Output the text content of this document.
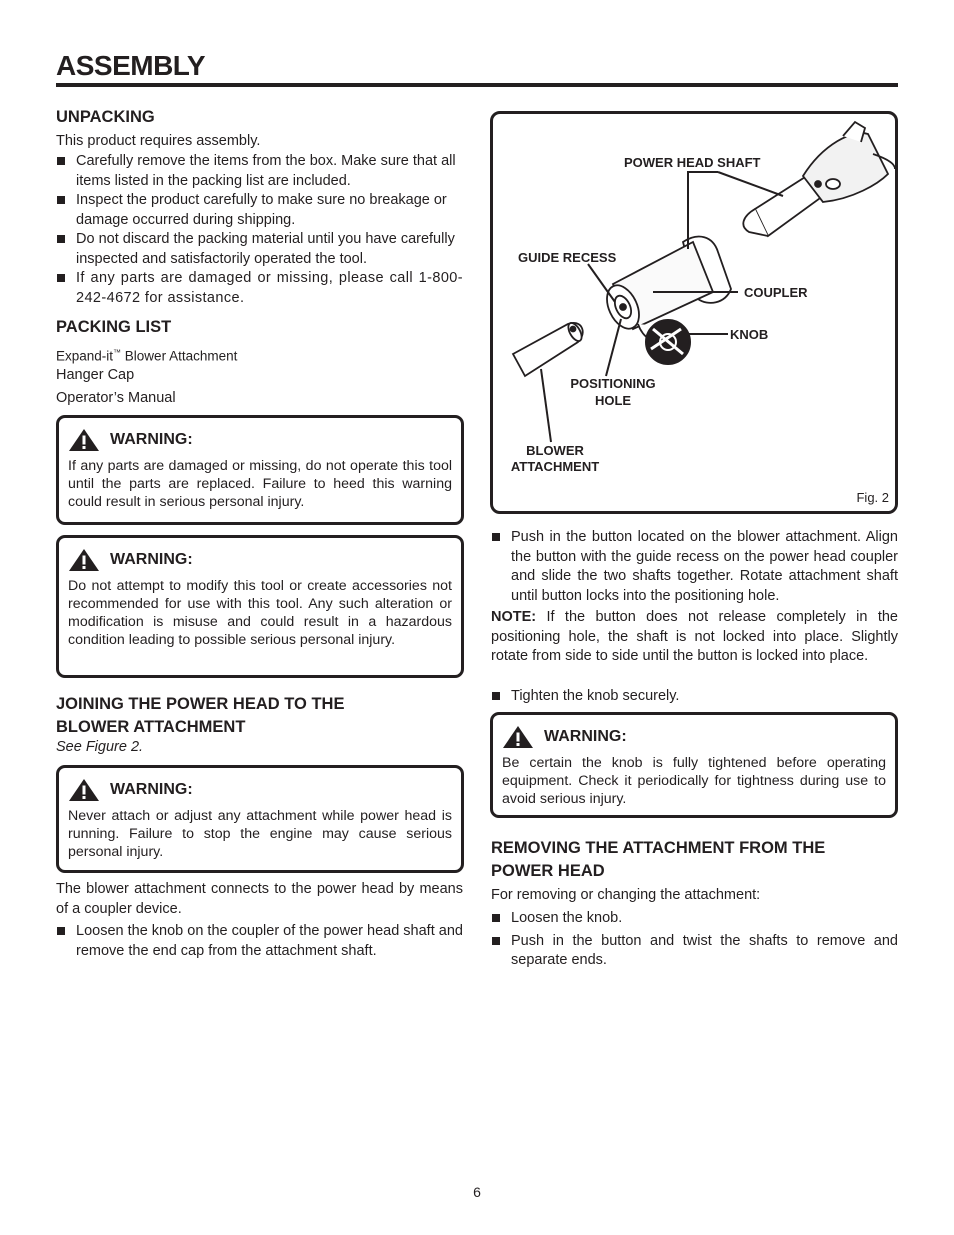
ASSEMBLY
UNPACKING

This product requires assembly.

Carefully remove the items from the box. Make sure that all items listed in the packing list are included.
Inspect the product carefully to make sure no breakage or damage occurred during shipping.
Do not discard the packing material until you have carefully inspected and satisfactorily operated the tool.
If any parts are damaged or missing, please call 1-800-242-4672 for assistance.
PACKING LIST
Expand-it™ Blower Attachment
Hanger Cap
Operator’s Manual
WARNING:
If any parts are damaged or missing, do not operate this tool until the parts are replaced. Failure to heed this warning could result in serious personal injury.
WARNING:
Do not attempt to modify this tool or create accessories not recommended for use with this tool. Any such alteration or modification is misuse and could result in a hazardous condition leading to possible serious personal injury.
JOINING THE POWER HEAD TO THE
BLOWER ATTACHMENT
See Figure 2.
WARNING:
Never attach or adjust any attachment while power head is running. Failure to stop the engine may cause serious personal injury.

The blower attachment connects to the power head by means of a coupler device.

Loosen the knob on the coupler of the power head shaft and remove the end cap from the attachment shaft.
POWER HEAD SHAFT
GUIDE RECESS
COUPLER
KNOB
POSITIONING
HOLE
BLOWER
ATTACHMENT
Fig. 2
Push in the button located on the blower attachment. Align the button with the guide recess on the power head coupler and slide the two shafts together. Rotate attachment shaft until button locks into the positioning hole.

NOTE: If the button does not release completely in the positioning hole, the shaft is not locked into place. Slightly rotate from side to side until the button is locked into place.

Tighten the knob securely.
WARNING:
Be certain the knob is fully tightened before operating equipment. Check it periodically for tightness during use to avoid serious injury.
REMOVING THE ATTACHMENT FROM THE
POWER HEAD

For removing or changing the attachment:

Loosen the knob.
Push in the button and twist the shafts to remove and separate ends.
6
